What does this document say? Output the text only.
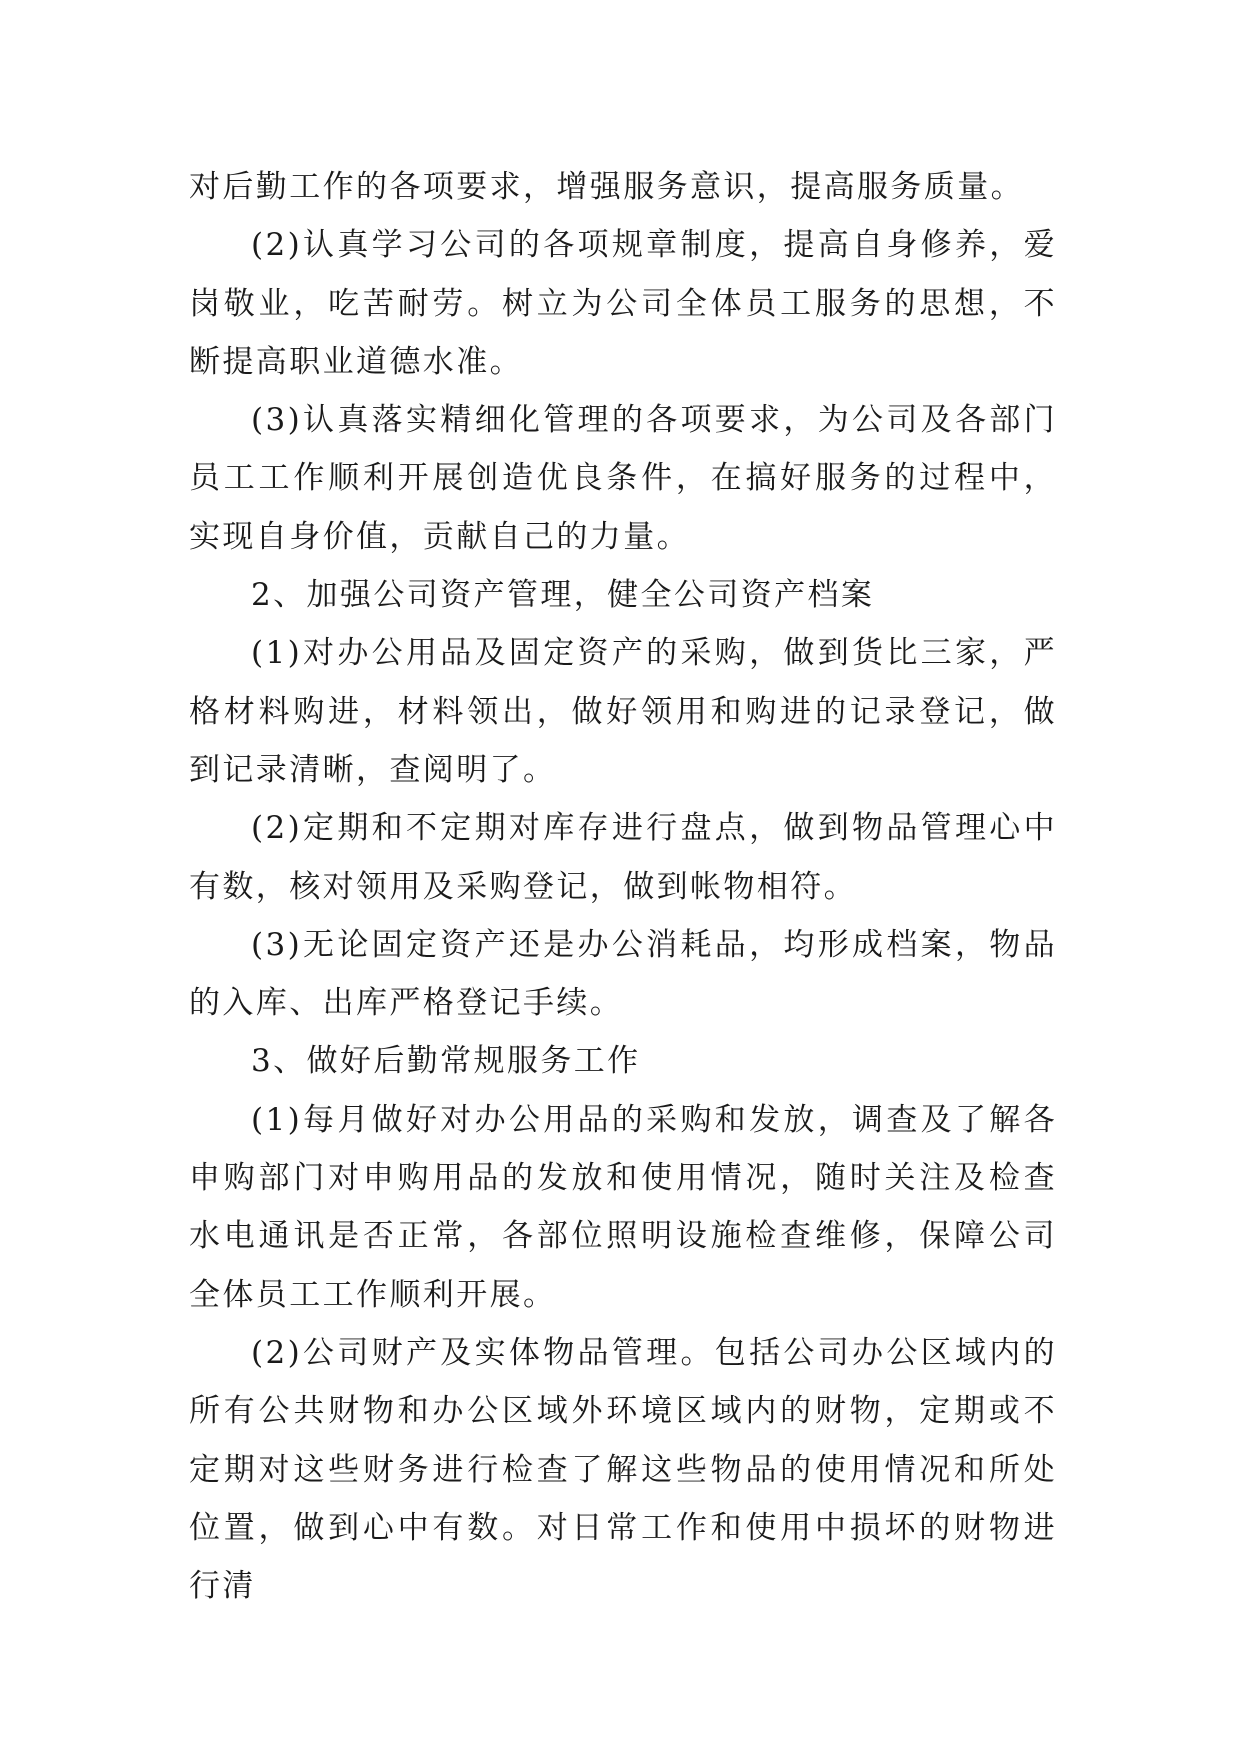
对后勤工作的各项要求，增强服务意识，提高服务质量。

(2)认真学习公司的各项规章制度，提高自身修养，爱岗敬业，吃苦耐劳。树立为公司全体员工服务的思想，不断提高职业道德水准。

(3)认真落实精细化管理的各项要求，为公司及各部门员工工作顺利开展创造优良条件，在搞好服务的过程中，实现自身价值，贡献自己的力量。

2、加强公司资产管理，健全公司资产档案

(1)对办公用品及固定资产的采购，做到货比三家，严格材料购进，材料领出，做好领用和购进的记录登记，做到记录清晰，查阅明了。

(2)定期和不定期对库存进行盘点，做到物品管理心中有数，核对领用及采购登记，做到帐物相符。

(3)无论固定资产还是办公消耗品，均形成档案，物品的入库、出库严格登记手续。

3、做好后勤常规服务工作

(1)每月做好对办公用品的采购和发放，调查及了解各申购部门对申购用品的发放和使用情况，随时关注及检查水电通讯是否正常，各部位照明设施检查维修，保障公司全体员工工作顺利开展。

(2)公司财产及实体物品管理。包括公司办公区域内的所有公共财物和办公区域外环境区域内的财物，定期或不定期对这些财务进行检查了解这些物品的使用情况和所处位置，做到心中有数。对日常工作和使用中损坏的财物进行清
